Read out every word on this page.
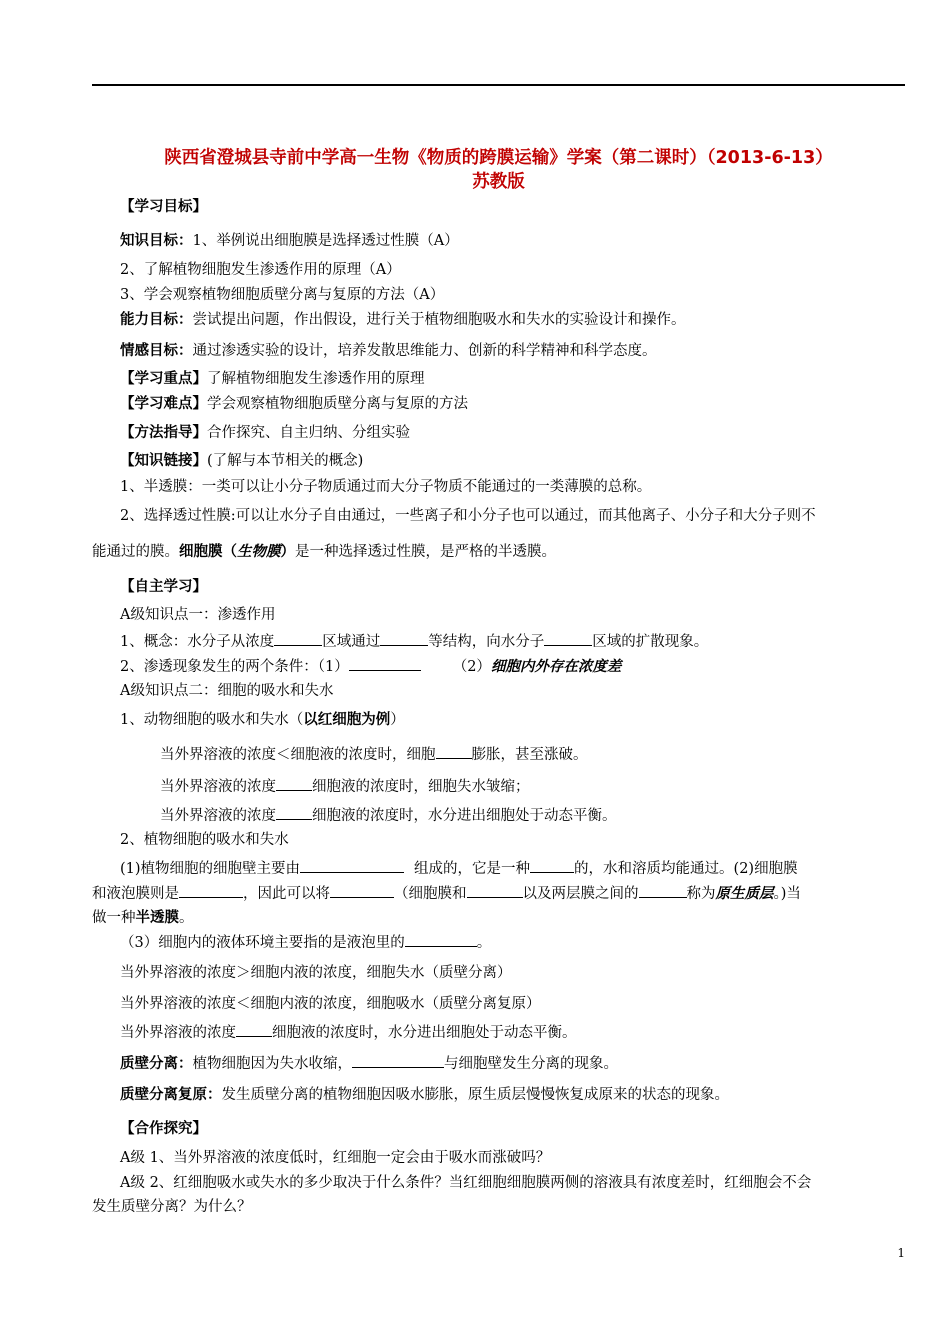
陕西省澄城县寺前中学高一生物《物质的跨膜运输》学案（第二课时）（2013-6-13）
苏教版
【学习目标】
知识目标：1、举例说出细胞膜是选择透过性膜（A）
2、了解植物细胞发生渗透作用的原理（A）
3、学会观察植物细胞质壁分离与复原的方法（A）
能力目标：尝试提出问题，作出假设，进行关于植物细胞吸水和失水的实验设计和操作。
情感目标：通过渗透实验的设计，培养发散思维能力、创新的科学精神和科学态度。
【学习重点】了解植物细胞发生渗透作用的原理
【学习难点】学会观察植物细胞质壁分离与复原的方法
【方法指导】合作探究、自主归纳、分组实验
【知识链接】(了解与本节相关的概念)
1、半透膜：一类可以让小分子物质通过而大分子物质不能通过的一类薄膜的总称。
2、选择透过性膜:可以让水分子自由通过，一些离子和小分子也可以通过，而其他离子、小分子和大分子则不
能通过的膜。细胞膜（生物膜）是一种选择透过性膜，是严格的半透膜。
【自主学习】
A级知识点一：渗透作用
1、概念：水分子从浓度	区域通过	等结构，向水分子	区域的扩散现象。
2、渗透现象发生的两个条件：（1）	（2）细胞内外存在浓度差
A级知识点二：细胞的吸水和失水
1、动物细胞的吸水和失水（以红细胞为例）
当外界溶液的浓度＜细胞液的浓度时，细胞 膨胀，甚至涨破。
当外界溶液的浓度 细胞液的浓度时，细胞失水皱缩；
当外界溶液的浓度 细胞液的浓度时，水分进出细胞处于动态平衡。
2、植物细胞的吸水和失水
(1)植物细胞的细胞壁主要由	组成的，它是一种	的，水和溶质均能通过。(2)细胞膜
和液泡膜则是	，因此可以将	（细胞膜和	以及两层膜之间的	称为原生质层。)当
做一种半透膜。
（3）细胞内的液体环境主要指的是液泡里的	。
当外界溶液的浓度＞细胞内液的浓度，细胞失水（质壁分离）
当外界溶液的浓度＜细胞内液的浓度，细胞吸水（质壁分离复原）
当外界溶液的浓度 细胞液的浓度时，水分进出细胞处于动态平衡。
质壁分离：植物细胞因为失水收缩，	与细胞壁发生分离的现象。
质壁分离复原：发生质壁分离的植物细胞因吸水膨胀，原生质层慢慢恢复成原来的状态的现象。
【合作探究】
A级 1、当外界溶液的浓度低时，红细胞一定会由于吸水而涨破吗？
A级 2、红细胞吸水或失水的多少取决于什么条件？当红细胞细胞膜两侧的溶液具有浓度差时，红细胞会不会
发生质壁分离？为什么？
1
